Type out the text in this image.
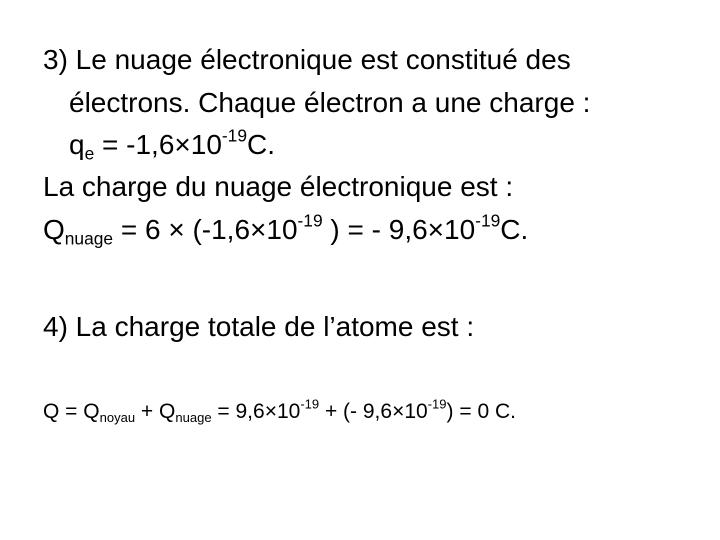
3) Le nuage électronique est constitué des
électrons. Chaque électron a une charge :
$q_e = -1,6\times 10^{-19}C$.
La charge du nuage électronique est :
$Q_{nuage} = 6 \times (-1,6\times 10^{-19}$ ) = - $9,6\times 10^{-19}C$.
4) La charge totale de l’atome est :
$Q = Q_{noyau} + Q_{nuage} = 9,6\times 10^{-19}$ + (- $9,6\times 10^{-19}) = 0$ C.
